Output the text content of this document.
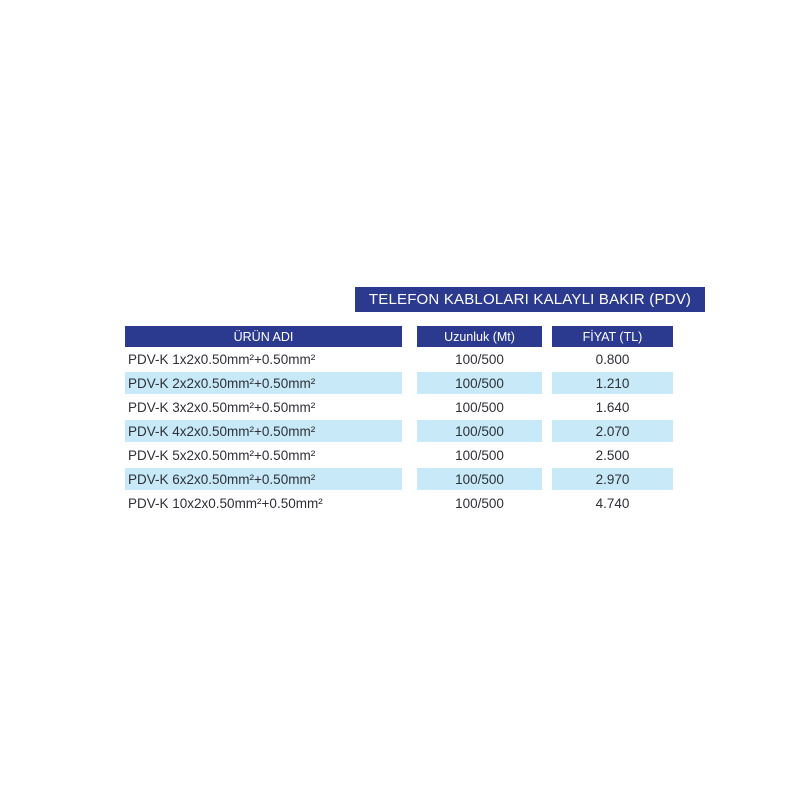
TELEFON KABLOLARI KALAYLI BAKIR (PDV)
ÜRÜN ADI	Uzunluk (Mt)	FİYAT (TL)
PDV-K 1x2x0.50mm²+0.50mm²	100/500	0.800
PDV-K 2x2x0.50mm²+0.50mm²	100/500	1.210
PDV-K 3x2x0.50mm²+0.50mm²	100/500	1.640
PDV-K 4x2x0.50mm²+0.50mm²	100/500	2.070
PDV-K 5x2x0.50mm²+0.50mm²	100/500	2.500
PDV-K 6x2x0.50mm²+0.50mm²	100/500	2.970
PDV-K 10x2x0.50mm²+0.50mm²	100/500	4.740
